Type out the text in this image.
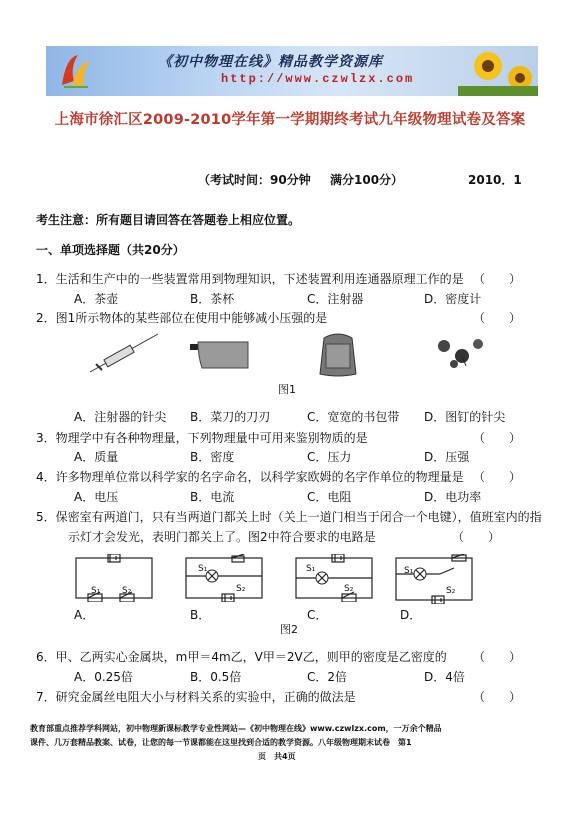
《初中物理在线》精品教学资源库
http://www.czwlzx.com
上海市徐汇区2009-2010学年第一学期期终考试九年级物理试卷及答案
（考试时间：90分钟 满分100分）	2010．1
考生注意：所有题目请回答在答题卷上相应位置。
一、单项选择题（共20分）
1．生活和生产中的一些装置常用到物理知识，下述装置利用连通器原理工作的是 （　　）
A．茶壶	B．茶杯	C．注射器	D．密度计
2．图1所示物体的某些部位在使用中能够减小压强的是	（　　）
图1
A．注射器的针尖 B．菜刀的刀刃	C．宽宽的书包带 D．图钉的针尖
3．物理学中有各种物理量，下列物理量中可用来鉴别物质的是	（　　）
A．质量	B．密度	C．压力	D．压强
4．许多物理单位常以科学家的名字命名，以科学家欧姆的名字作单位的物理量是 （　　）
A．电压	B．电流	C．电阻	D．电功率
5．保密室有两道门，只有当两道门都关上时（关上一道门相当于闭合一个电键），值班室内的指
示灯才会发光，表明门都关上了。图2中符合要求的电路是	（　　）
S₁ S₂
S₁
S₂
S₁
S₂
S₁
S₂
A．	B．	C．	D．
图2
6．甲、乙两实心金属块，m甲＝4m乙，V甲＝2V乙，则甲的密度是乙密度的 （　　）
A．0.25倍	B．0.5倍	C．2倍	D．4倍
7．研究金属丝电阻大小与材料关系的实验中，正确的做法是	（　　）
教育部重点推荐学科网站，初中物理新课标教学专业性网站—《初中物理在线》www.czwlzx.com，一万余个精品
课件、几万套精品教案、试卷，让您的每一节课都能在这里找到合适的教学资源。八年级物理期末试卷　第1
页　共4页
